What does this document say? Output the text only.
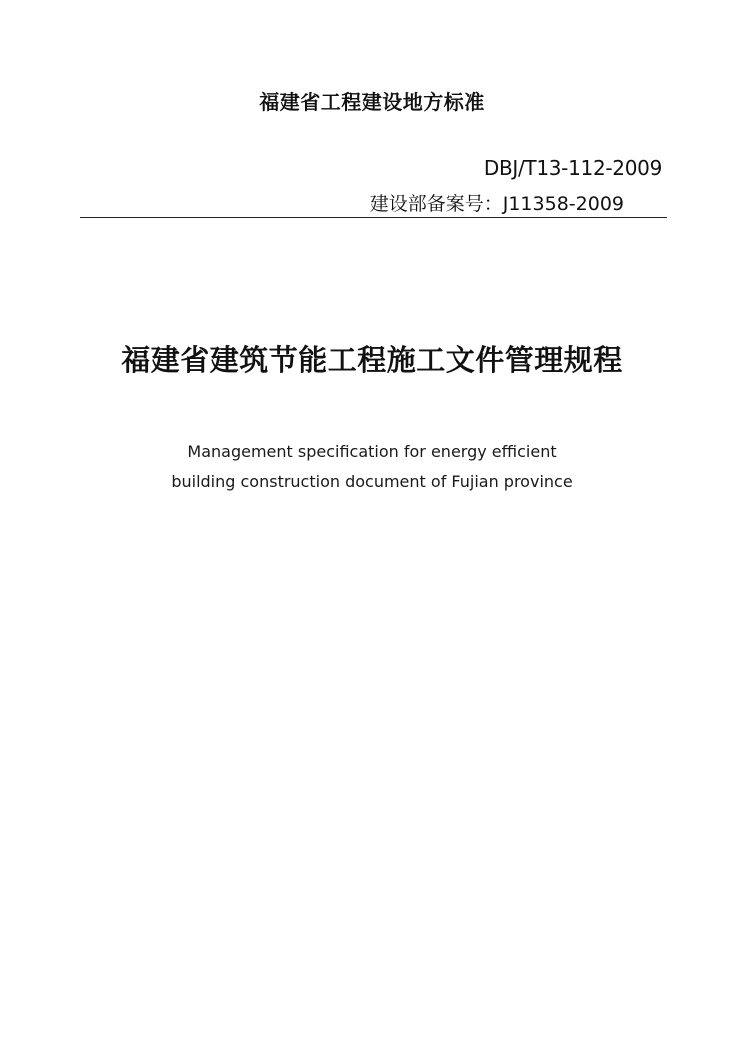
福建省工程建设地方标准
DBJ/T13-112-2009
建设部备案号：J11358-2009
福建省建筑节能工程施工文件管理规程
Management specification for energy efficient
building construction document of Fujian province
